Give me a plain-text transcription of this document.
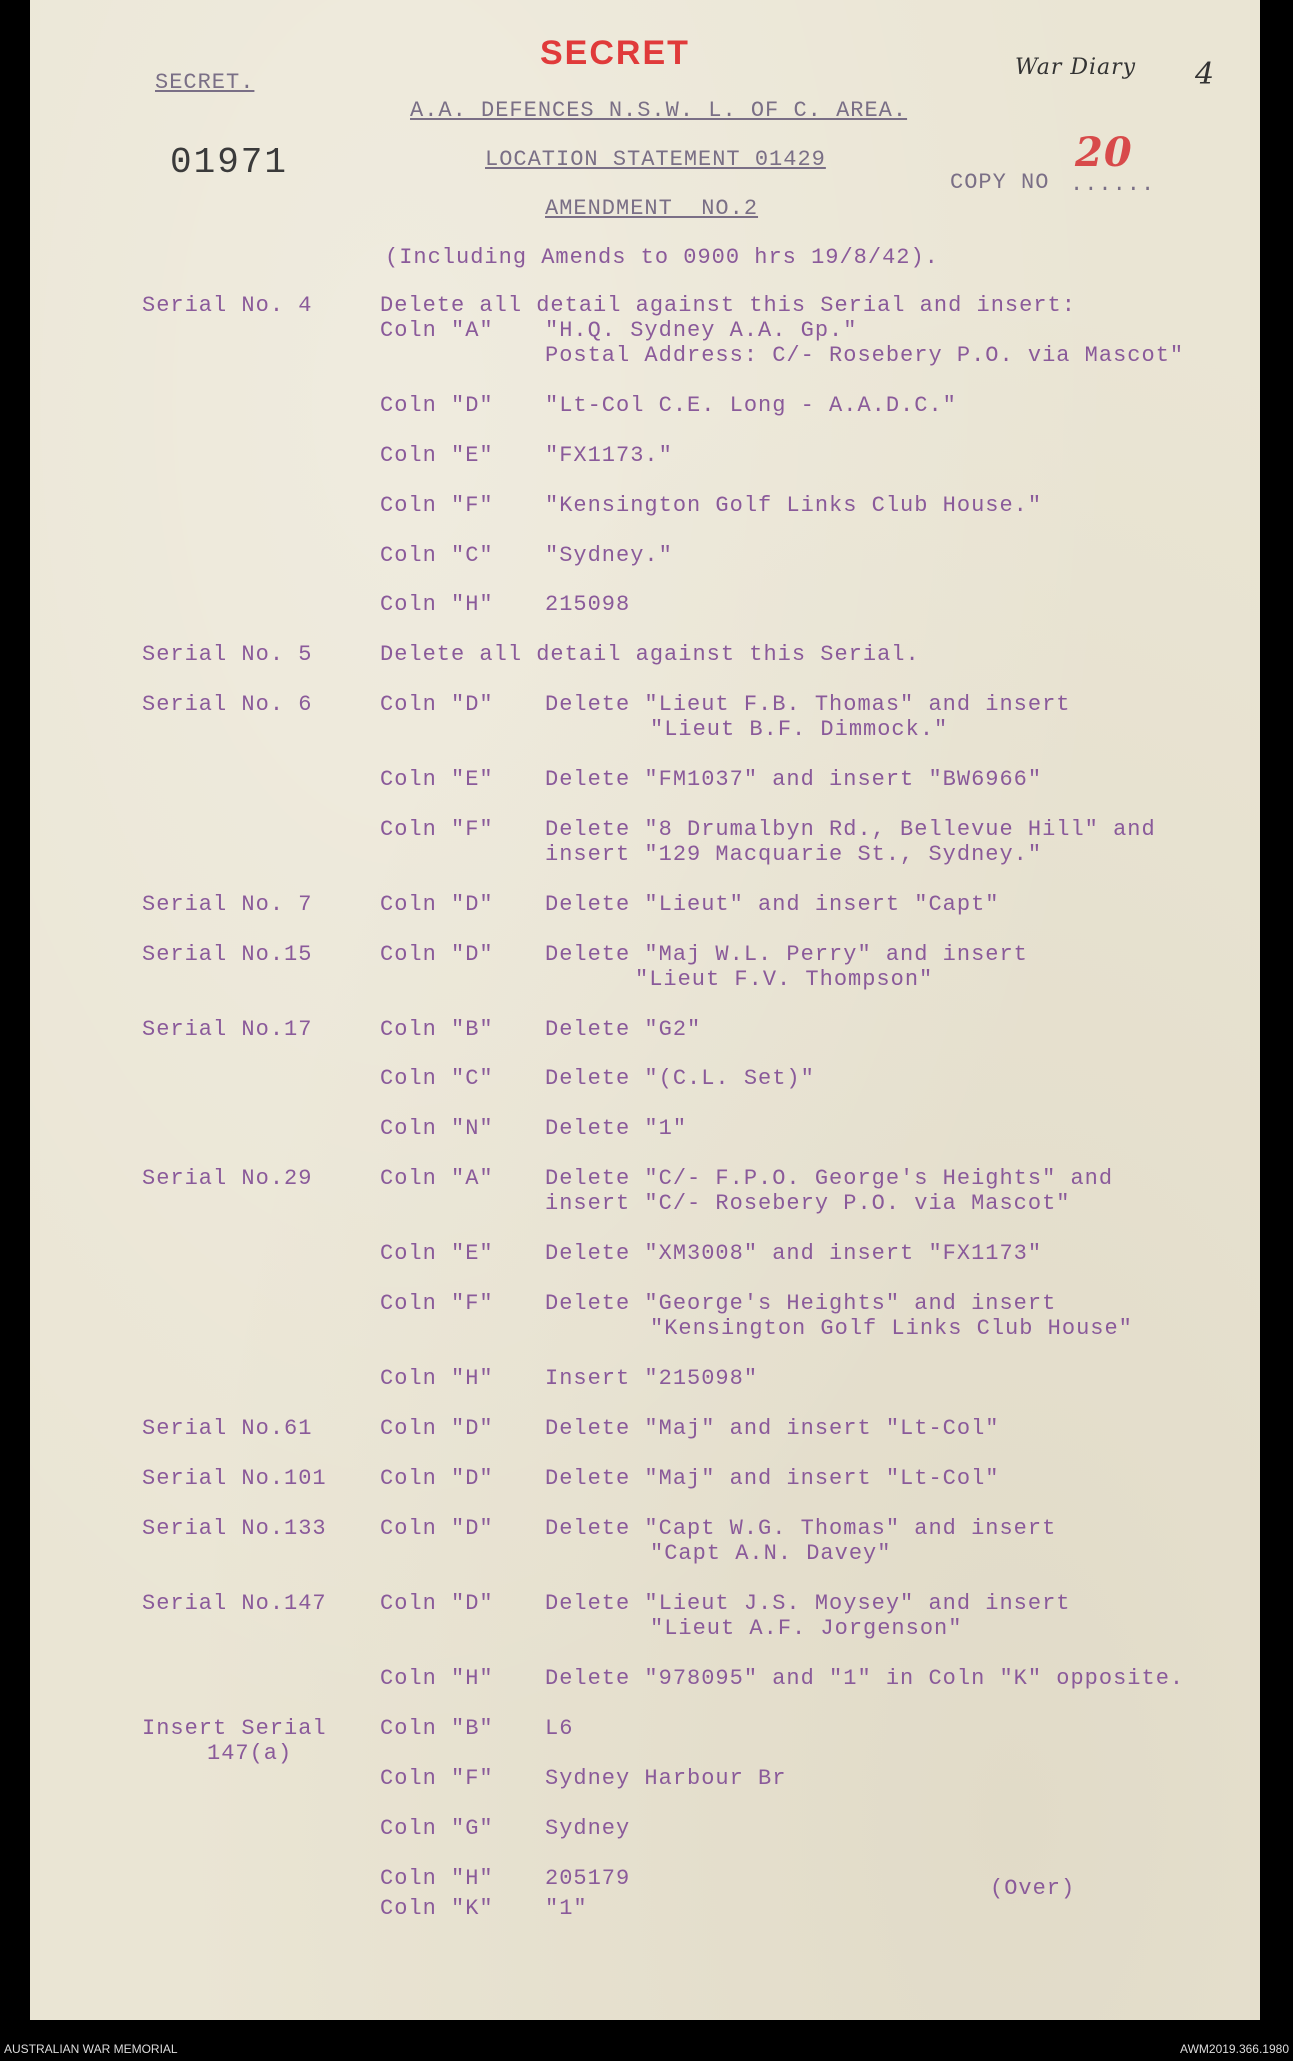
SECRET
SECRET.
War Diary 4
A.A. DEFENCES N.S.W. L. OF C. AREA.
01971	LOCATION STATEMENT 01429
COPY NO ......
20
AMENDMENT  NO.2
(Including Amends to 0900 hrs 19/8/42).
Serial No. 4	Delete all detail against this Serial and insert:
Coln "A" "H.Q. Sydney A.A. Gp."
Postal Address: C/- Rosebery P.O. via Mascot"
Coln "D" "Lt-Col C.E. Long - A.A.D.C."
Coln "E" "FX1173."
Coln "F" "Kensington Golf Links Club House."
Coln "C" "Sydney."
Coln "H" 215098
Serial No. 5	Delete all detail against this Serial.
Serial No. 6	Coln "D" Delete "Lieut F.B. Thomas" and insert
"Lieut B.F. Dimmock."
Coln "E" Delete "FM1037" and insert "BW6966"
Coln "F" Delete "8 Drumalbyn Rd., Bellevue Hill" and
insert "129 Macquarie St., Sydney."
Serial No. 7	Coln "D" Delete "Lieut" and insert "Capt"
Serial No.15	Coln "D" Delete "Maj W.L. Perry" and insert
"Lieut F.V. Thompson"
Serial No.17	Coln "B" Delete "G2"
Coln "C" Delete "(C.L. Set)"
Coln "N" Delete "1"
Serial No.29	Coln "A" Delete "C/- F.P.O. George's Heights" and
insert "C/- Rosebery P.O. via Mascot"
Coln "E" Delete "XM3008" and insert "FX1173"
Coln "F" Delete "George's Heights" and insert
"Kensington Golf Links Club House"
Coln "H" Insert "215098"
Serial No.61	Coln "D" Delete "Maj" and insert "Lt-Col"
Serial No.101 Coln "D" Delete "Maj" and insert "Lt-Col"
Serial No.133 Coln "D" Delete "Capt W.G. Thomas" and insert
"Capt A.N. Davey"
Serial No.147 Coln "D" Delete "Lieut J.S. Moysey" and insert
"Lieut A.F. Jorgenson"
Coln "H" Delete "978095" and "1" in Coln "K" opposite.
Insert Serial Coln "B" L6
147(a)
Coln "F" Sydney Harbour Br
Coln "G" Sydney
Coln "H" 205179	(Over)
Coln "K" "1"
AUSTRALIAN WAR MEMORIAL	AWM2019.366.1980
